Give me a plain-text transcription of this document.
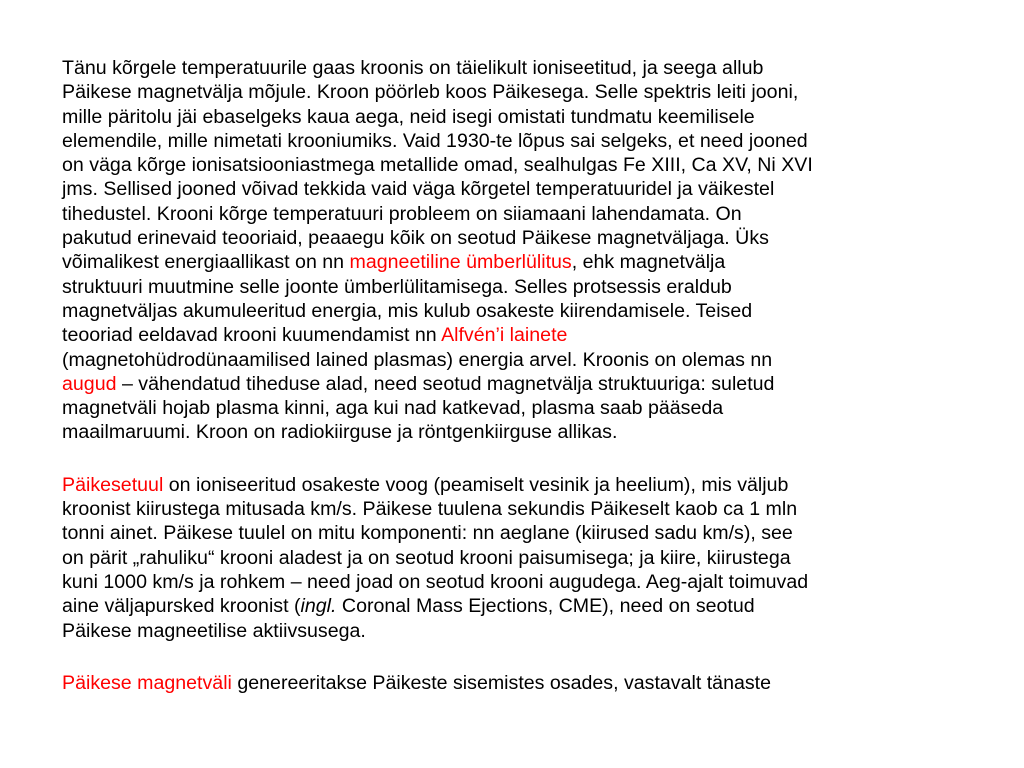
Tänu kõrgele temperatuurile gaas kroonis on täielikult ioniseetitud, ja seega allub
Päikese magnetvälja mõjule. Kroon pöörleb koos Päikesega. Selle spektris leiti jooni,
mille päritolu jäi ebaselgeks kaua aega, neid isegi omistati tundmatu keemilisele
elemendile, mille nimetati krooniumiks. Vaid 1930-te lõpus sai selgeks, et need jooned
on väga kõrge ionisatsiooniastmega metallide omad, sealhulgas Fe XIII, Ca XV, Ni XVI
jms. Sellised jooned võivad tekkida vaid väga kõrgetel temperatuuridel ja väikestel
tihedustel. Krooni kõrge temperatuuri probleem on siiamaani lahendamata. On
pakutud erinevaid teooriaid, peaaegu kõik on seotud Päikese magnetväljaga. Üks
võimalikest energiaallikast on nn magneetiline ümberlülitus, ehk magnetvälja
struktuuri muutmine selle joonte ümberlülitamisega. Selles protsessis eraldub
magnetväljas akumuleeritud energia, mis kulub osakeste kiirendamisele. Teised
teooriad eeldavad krooni kuumendamist nn Alfvén’i lainete
(magnetohüdrodünaamilised lained plasmas) energia arvel. Kroonis on olemas nn
augud – vähendatud tiheduse alad, need seotud magnetvälja struktuuriga: suletud
magnetväli hojab plasma kinni, aga kui nad katkevad, plasma saab pääseda
maailmaruumi. Kroon on radiokiirguse ja röntgenkiirguse allikas.
Päikesetuul on ioniseeritud osakeste voog (peamiselt vesinik ja heelium), mis väljub
kroonist kiirustega mitusada km/s. Päikese tuulena sekundis Päikeselt kaob ca 1 mln
tonni ainet. Päikese tuulel on mitu komponenti: nn aeglane (kiirused sadu km/s), see
on pärit „rahuliku“ krooni aladest ja on seotud krooni paisumisega; ja kiire, kiirustega
kuni 1000 km/s ja rohkem – need joad on seotud krooni augudega. Aeg-ajalt toimuvad
aine väljapursked kroonist (ingl. Coronal Mass Ejections, CME), need on seotud
Päikese magneetilise aktiivsusega.
Päikese magnetväli genereeritakse Päikeste sisemistes osades, vastavalt tänaste
